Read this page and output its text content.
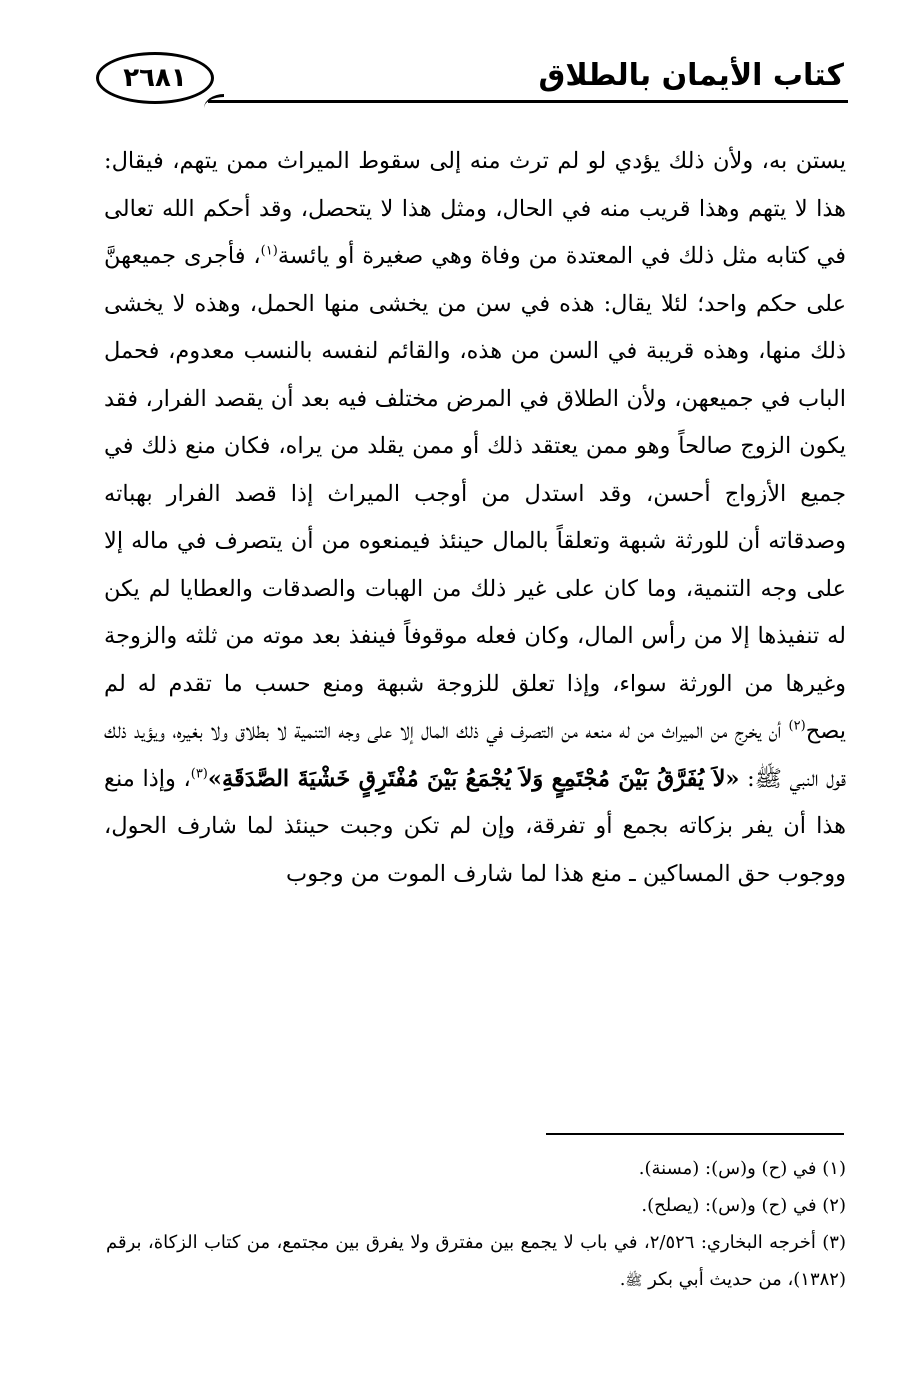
٢٦٨١	كتاب الأيمان بالطلاق

يستن به، ولأن ذلك يؤدي لو لم ترث منه إلى سقوط الميراث ممن يتهم، فيقال: هذا لا يتهم وهذا قريب منه في الحال، ومثل هذا لا يتحصل، وقد أحكم الله تعالى في كتابه مثل ذلك في المعتدة من وفاة وهي صغيرة أو يائسة$^{(١)}$، فأجرى جميعهنَّ على حكم واحد؛ لئلا يقال: هذه في سن من يخشى منها الحمل، وهذه لا يخشى ذلك منها، وهذه قريبة في السن من هذه، والقائم لنفسه بالنسب معدوم، فحمل الباب في جميعهن، ولأن الطلاق في المرض مختلف فيه بعد أن يقصد الفرار، فقد يكون الزوج صالحاً وهو ممن يعتقد ذلك أو ممن يقلد من يراه، فكان منع ذلك في جميع الأزواج أحسن، وقد استدل من أوجب الميراث إذا قصد الفرار بهباته وصدقاته أن للورثة شبهة وتعلقاً بالمال حينئذ فيمنعوه من أن يتصرف في ماله إلا على وجه التنمية، وما كان على غير ذلك من الهبات والصدقات والعطايا لم يكن له تنفيذها إلا من رأس المال، وكان فعله موقوفاً فينفذ بعد موته من ثلثه والزوجة وغيرها من الورثة سواء، وإذا تعلق للزوجة شبهة ومنع حسب ما تقدم له لم يصح$^{(٢)}$ أن يخرج من الميراث من له منعه من التصرف في ذلك المال إلا على وجه التنمية لا بطلاق ولا بغيره، ويؤيد ذلك قول النبي ﷺ: «لاَ يُفَرَّقُ بَيْنَ مُجْتَمِعٍ وَلاَ يُجْمَعُ بَيْنَ مُفْتَرِقٍ خَشْيَةَ الصَّدَقَةِ»$^{(٣)}$، وإذا منع هذا أن يفر بزكاته بجمع أو تفرقة، وإن لم تكن وجبت حينئذ لما شارف الحول، ووجوب حق المساكين ـ منع هذا لما شارف الموت من وجوب

(١) في (ح) و(س): (مسنة).

(٢) في (ح) و(س): (يصلح).

(٣) أخرجه البخاري: ٢/٥٢٦، في باب لا يجمع بين مفترق ولا يفرق بين مجتمع، من كتاب الزكاة، برقم (١٣٨٢)، من حديث أبي بكر ﷺ.
